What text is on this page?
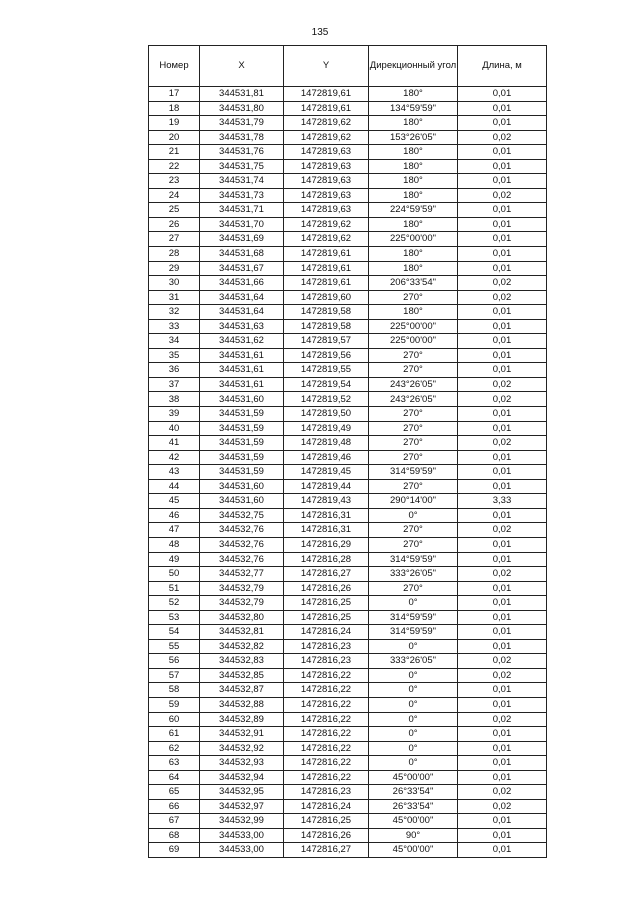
135
Номер	X	Y	Дирекционный угол	Длина, м
17	344531,81	1472819,61	180°	0,01
18	344531,80	1472819,61	134°59'59"	0,01
19	344531,79	1472819,62	180°	0,01
20	344531,78	1472819,62	153°26'05"	0,02
21	344531,76	1472819,63	180°	0,01
22	344531,75	1472819,63	180°	0,01
23	344531,74	1472819,63	180°	0,01
24	344531,73	1472819,63	180°	0,02
25	344531,71	1472819,63	224°59'59"	0,01
26	344531,70	1472819,62	180°	0,01
27	344531,69	1472819,62	225°00'00"	0,01
28	344531,68	1472819,61	180°	0,01
29	344531,67	1472819,61	180°	0,01
30	344531,66	1472819,61	206°33'54"	0,02
31	344531,64	1472819,60	270°	0,02
32	344531,64	1472819,58	180°	0,01
33	344531,63	1472819,58	225°00'00"	0,01
34	344531,62	1472819,57	225°00'00"	0,01
35	344531,61	1472819,56	270°	0,01
36	344531,61	1472819,55	270°	0,01
37	344531,61	1472819,54	243°26'05"	0,02
38	344531,60	1472819,52	243°26'05"	0,02
39	344531,59	1472819,50	270°	0,01
40	344531,59	1472819,49	270°	0,01
41	344531,59	1472819,48	270°	0,02
42	344531,59	1472819,46	270°	0,01
43	344531,59	1472819,45	314°59'59"	0,01
44	344531,60	1472819,44	270°	0,01
45	344531,60	1472819,43	290°14'00"	3,33
46	344532,75	1472816,31	0°	0,01
47	344532,76	1472816,31	270°	0,02
48	344532,76	1472816,29	270°	0,01
49	344532,76	1472816,28	314°59'59"	0,01
50	344532,77	1472816,27	333°26'05"	0,02
51	344532,79	1472816,26	270°	0,01
52	344532,79	1472816,25	0°	0,01
53	344532,80	1472816,25	314°59'59"	0,01
54	344532,81	1472816,24	314°59'59"	0,01
55	344532,82	1472816,23	0°	0,01
56	344532,83	1472816,23	333°26'05"	0,02
57	344532,85	1472816,22	0°	0,02
58	344532,87	1472816,22	0°	0,01
59	344532,88	1472816,22	0°	0,01
60	344532,89	1472816,22	0°	0,02
61	344532,91	1472816,22	0°	0,01
62	344532,92	1472816,22	0°	0,01
63	344532,93	1472816,22	0°	0,01
64	344532,94	1472816,22	45°00'00"	0,01
65	344532,95	1472816,23	26°33'54"	0,02
66	344532,97	1472816,24	26°33'54"	0,02
67	344532,99	1472816,25	45°00'00"	0,01
68	344533,00	1472816,26	90°	0,01
69	344533,00	1472816,27	45°00'00"	0,01
